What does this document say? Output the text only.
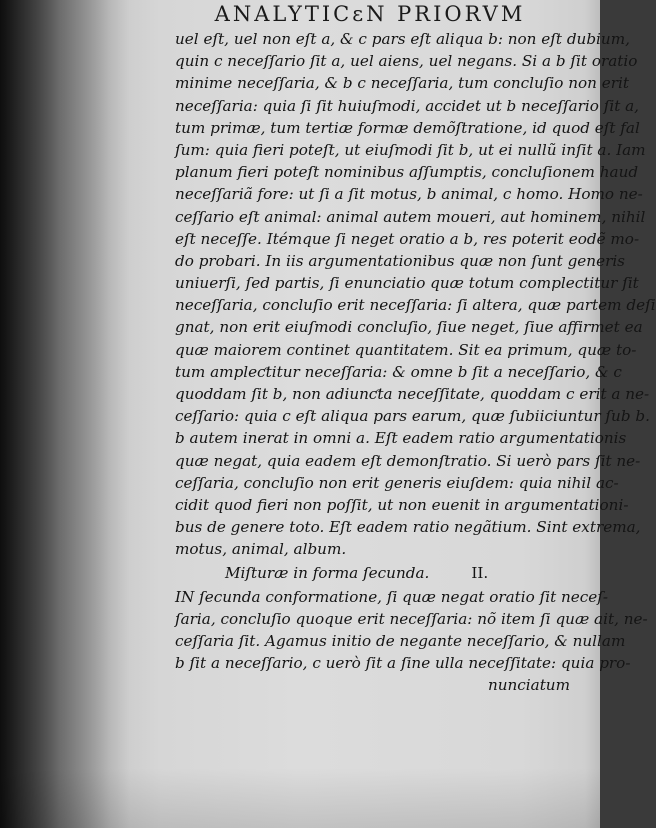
ANALYTICɛN PRIORVM
uel eſt, uel non eſt a, & c pars eſt aliqua b: non eſt dubium,
quin c neceſſario ſit a, uel aiens, uel negans. Si a b ſit oratio
minime neceſſaria, & b c neceſſaria, tum concluſio non erit
neceſſaria: quia ſi ſit huiuſmodi, accidet ut b neceſſario ſit a,
tum primæ, tum tertiæ formæ demõſtratione, id quod eſt fal
ſum: quia fieri poteſt, ut eiuſmodi ſit b, ut ei nullũ inſit a. Iam
planum fieri poteſt nominibus aſſumptis, concluſionem haud
neceſſariã fore: ut ſi a ſit motus, b animal, c homo. Homo ne-
ceſſario eſt animal: animal autem moueri, aut hominem, nihil
eſt neceſſe. Itémque ſi neget oratio a b, res poterit eodẽ mo-
do probari. In iis argumentationibus quæ non ſunt generis
uniuerſi, ſed partis, ſi enunciatio quæ totum complectitur ſit
neceſſaria, concluſio erit neceſſaria: ſi altera, quæ partem deſi
gnat, non erit eiuſmodi concluſio, ſiue neget, ſiue affirmet ea
quæ maiorem continet quantitatem. Sit ea primum, quæ to-
tum ampleƈtitur neceſſaria: & omne b ſit a neceſſario, & c
quoddam ſit b, non adiunƈta neceſſitate, quoddam c erit a ne-
ceſſario: quia c eſt aliqua pars earum, quæ ſubiiciuntur ſub b.
b autem inerat in omni a. Eſt eadem ratio argumentationis
quæ negat, quia eadem eſt demonſtratio. Si uerò pars ſit ne-
ceſſaria, concluſio non erit generis eiuſdem: quia nihil ac-
cidit quod fieri non poſſit, ut non euenit in argumentationi-
bus de genere toto. Eſt eadem ratio negãtium. Sint extrema,
motus, animal, album.
Miſturæ in forma ſecunda.	II.
IN ſecunda conformatione, ſi quæ negat oratio ſit neceſ-
ſaria, concluſio quoque erit neceſſaria: nõ item ſi quæ ait, ne-
ceſſaria ſit. Agamus initio de negante neceſſario, & nullam
b ſit a neceſſario, c uerò ſit a ſine ulla neceſſitate: quia pro-
nunciatum
